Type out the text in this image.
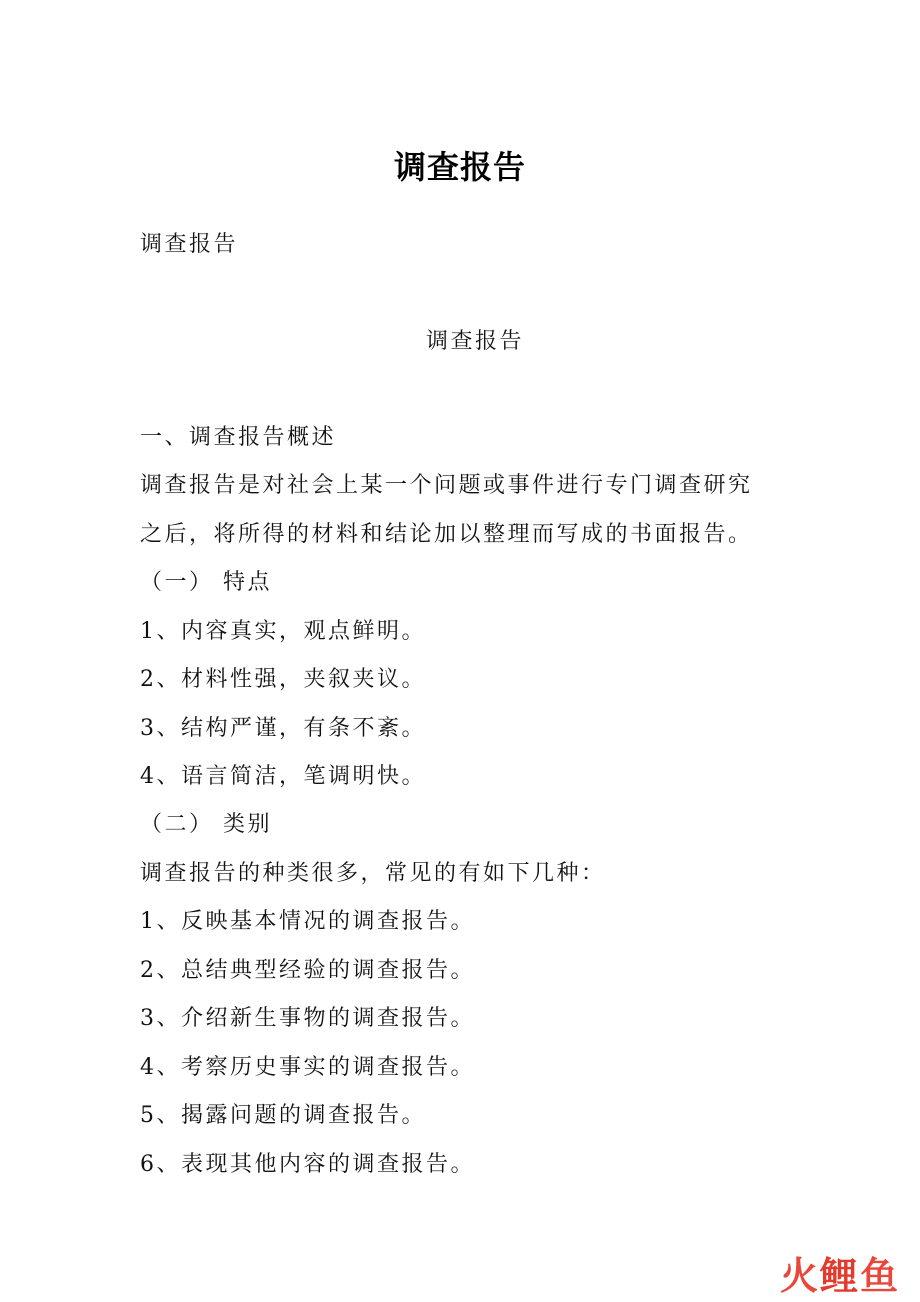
调查报告
调查报告
调查报告
一、调查报告概述
调查报告是对社会上某一个问题或事件进行专门调查研究
之后，将所得的材料和结论加以整理而写成的书面报告。
（一） 特点
1、内容真实，观点鲜明。
2、材料性强，夹叙夹议。
3、结构严谨，有条不紊。
4、语言简洁，笔调明快。
（二） 类别
调查报告的种类很多，常见的有如下几种：
1、反映基本情况的调查报告。
2、总结典型经验的调查报告。
3、介绍新生事物的调查报告。
4、考察历史事实的调查报告。
5、揭露问题的调查报告。
6、表现其他内容的调查报告。
火 鲤 鱼
